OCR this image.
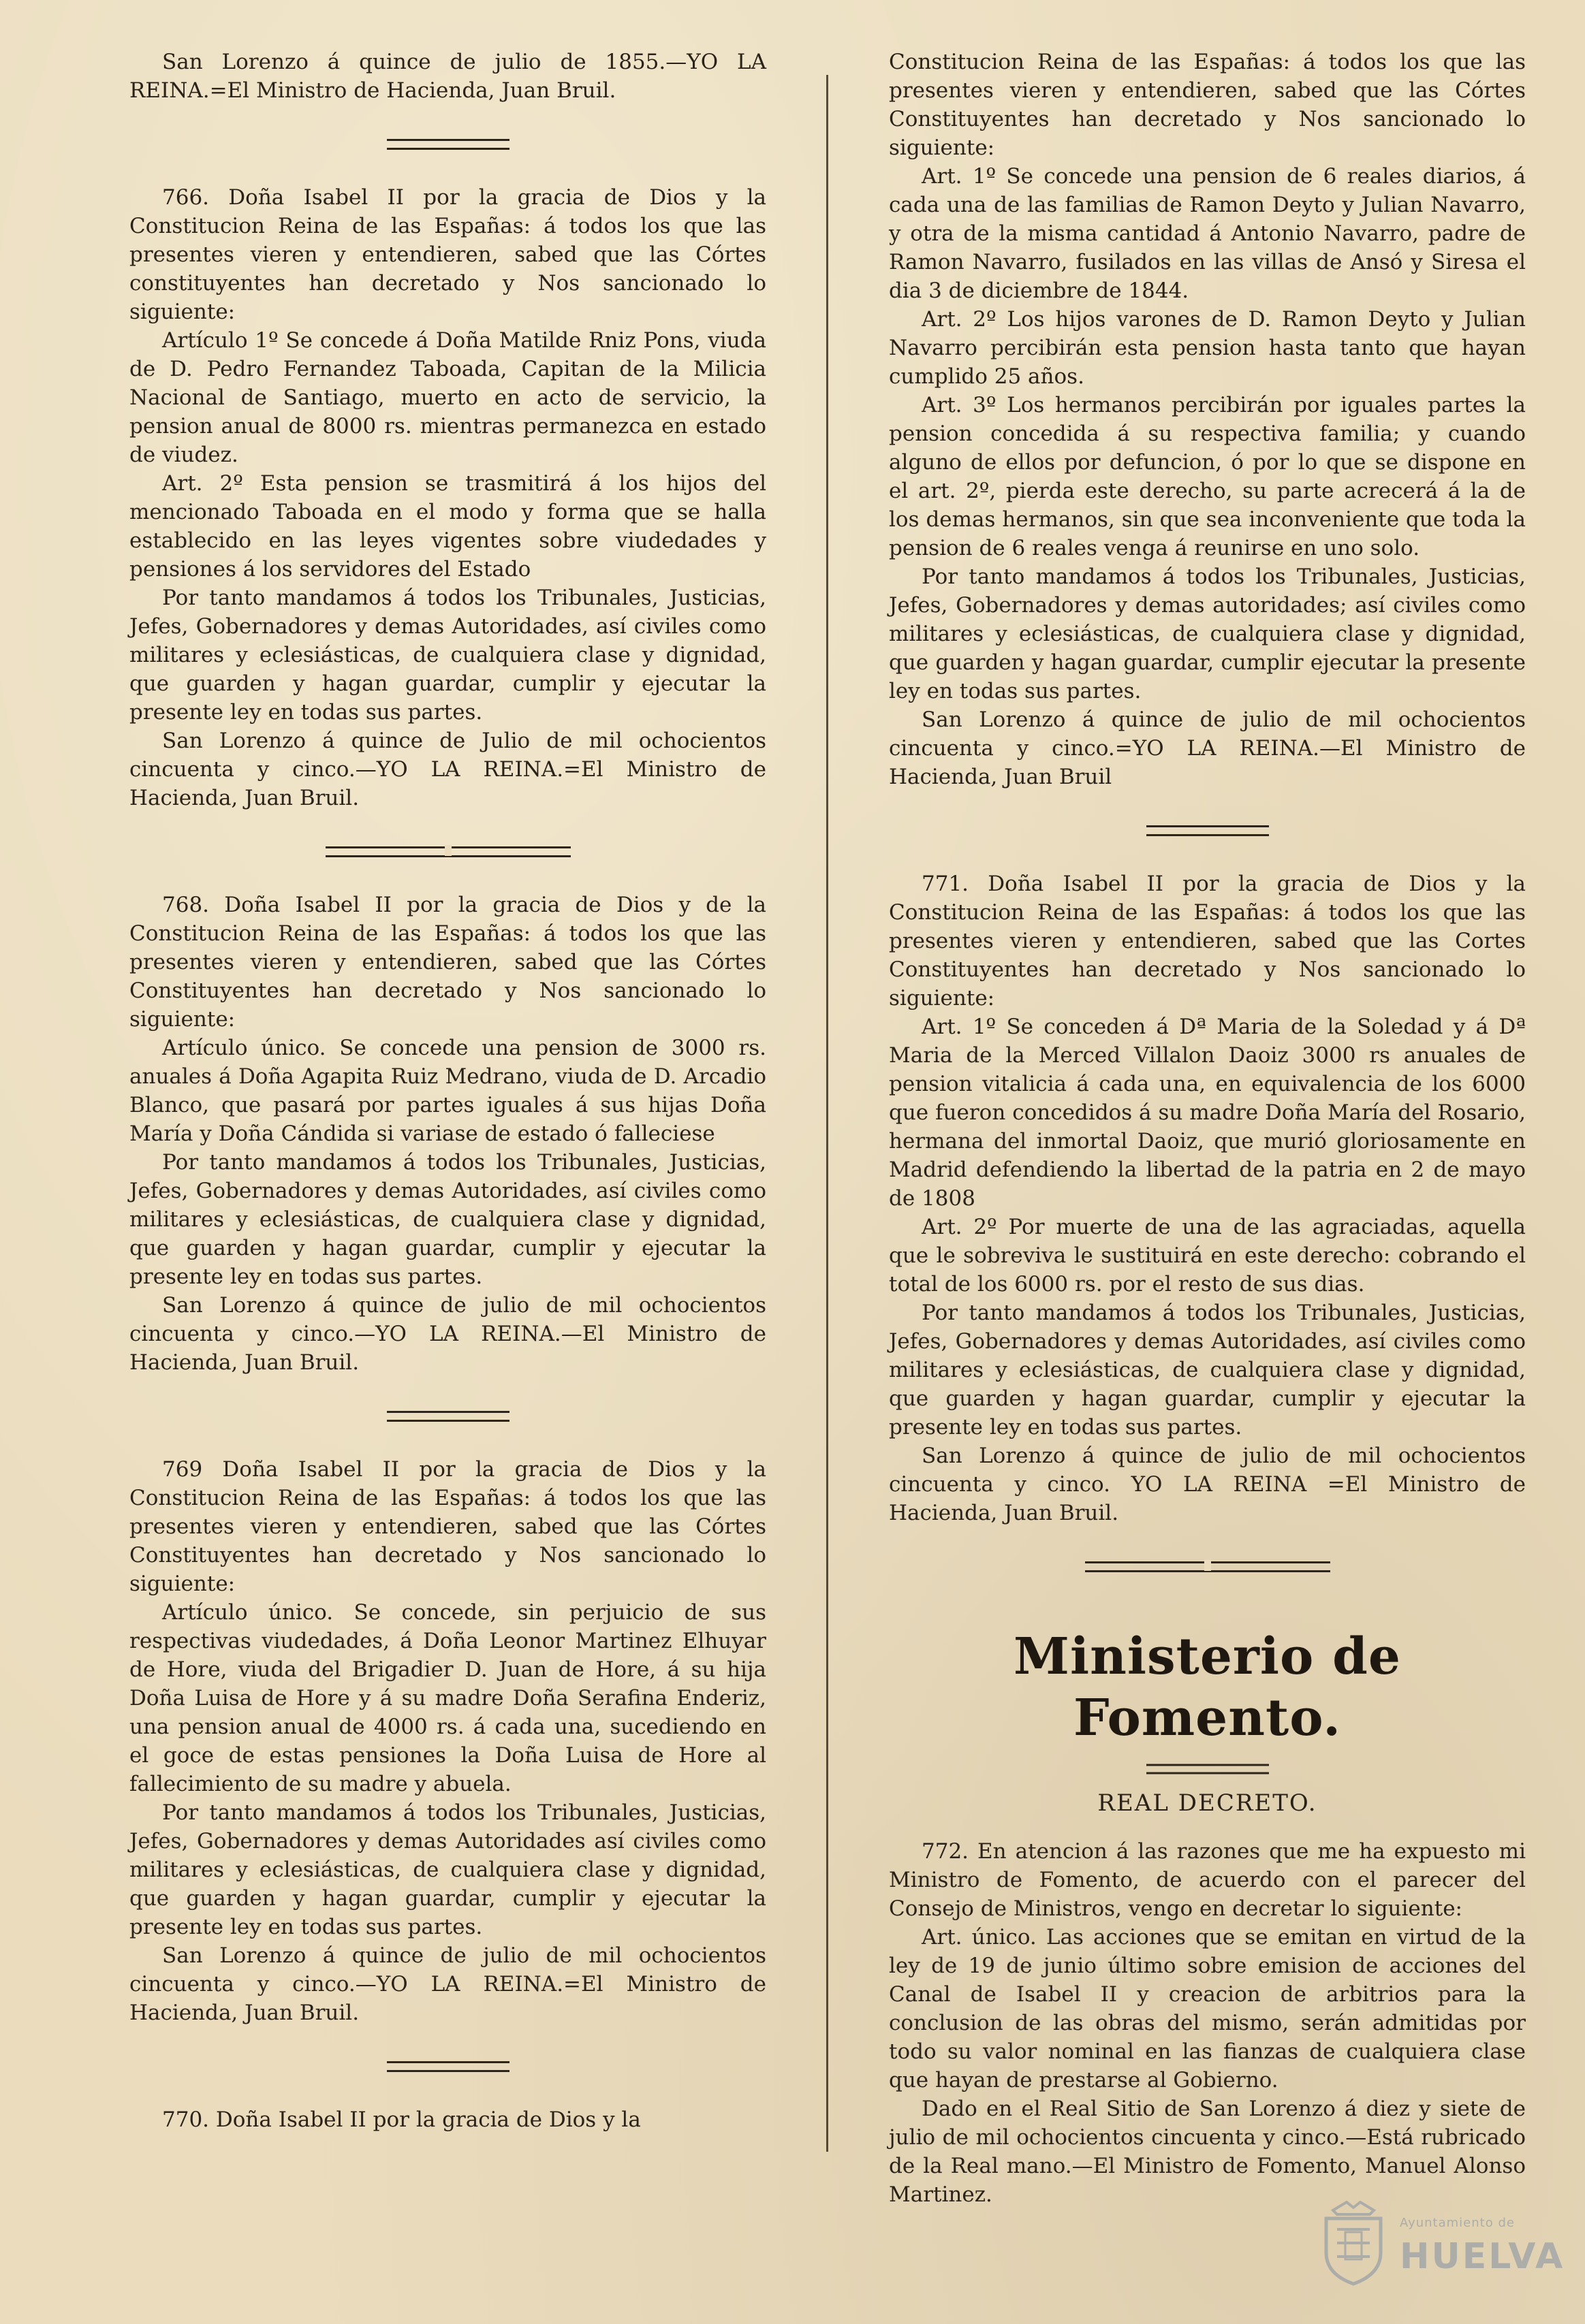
San Lorenzo á quince de julio de 1855.—YO LA REINA.=El Ministro de Hacienda, Juan Bruil.

766. Doña Isabel II por la gracia de Dios y la Constitucion Reina de las Españas: á todos los que las presentes vieren y entendieren, sabed que las Córtes constituyentes han decretado y Nos sancionado lo siguiente:

Artículo 1º Se concede á Doña Matilde Rniz Pons, viuda de D. Pedro Fernandez Taboada, Capitan de la Milicia Nacional de Santiago, muerto en acto de servicio, la pension anual de 8000 rs. mientras permanezca en estado de viudez.

Art. 2º Esta pension se trasmitirá á los hijos del mencionado Taboada en el modo y forma que se halla establecido en las leyes vigentes sobre viudedades y pensiones á los servidores del Estado

Por tanto mandamos á todos los Tribunales, Justicias, Jefes, Gobernadores y demas Autoridades, así civiles como militares y eclesiásticas, de cualquiera clase y dignidad, que guarden y hagan guardar, cumplir y ejecutar la presente ley en todas sus partes.

San Lorenzo á quince de Julio de mil ochocientos cincuenta y cinco.—YO LA REINA.=El Ministro de Hacienda, Juan Bruil.

768. Doña Isabel II por la gracia de Dios y de la Constitucion Reina de las Españas: á todos los que las presentes vieren y entendieren, sabed que las Córtes Constituyentes han decretado y Nos sancionado lo siguiente:

Artículo único. Se concede una pension de 3000 rs. anuales á Doña Agapita Ruiz Medrano, viuda de D. Arcadio Blanco, que pasará por partes iguales á sus hijas Doña María y Doña Cándida si variase de estado ó falleciese

Por tanto mandamos á todos los Tribunales, Justicias, Jefes, Gobernadores y demas Autoridades, así civiles como militares y eclesiásticas, de cualquiera clase y dignidad, que guarden y hagan guardar, cumplir y ejecutar la presente ley en todas sus partes.

San Lorenzo á quince de julio de mil ochocientos cincuenta y cinco.—YO LA REINA.—El Ministro de Hacienda, Juan Bruil.

769 Doña Isabel II por la gracia de Dios y la Constitucion Reina de las Españas: á todos los que las presentes vieren y entendieren, sabed que las Córtes Constituyentes han decretado y Nos sancionado lo siguiente:

Artículo único. Se concede, sin perjuicio de sus respectivas viudedades, á Doña Leonor Martinez Elhuyar de Hore, viuda del Brigadier D. Juan de Hore, á su hija Doña Luisa de Hore y á su madre Doña Serafina Enderiz, una pension anual de 4000 rs. á cada una, sucediendo en el goce de estas pensiones la Doña Luisa de Hore al fallecimiento de su madre y abuela.

Por tanto mandamos á todos los Tribunales, Justicias, Jefes, Gobernadores y demas Autoridades así civiles como militares y eclesiásticas, de cualquiera clase y dignidad, que guarden y hagan guardar, cumplir y ejecutar la presente ley en todas sus partes.

San Lorenzo á quince de julio de mil ochocientos cincuenta y cinco.—YO LA REINA.=El Ministro de Hacienda, Juan Bruil.

770. Doña Isabel II por la gracia de Dios y la

Constitucion Reina de las Españas: á todos los que las presentes vieren y entendieren, sabed que las Córtes Constituyentes han decretado y Nos sancionado lo siguiente:

Art. 1º Se concede una pension de 6 reales diarios, á cada una de las familias de Ramon Deyto y Julian Navarro, y otra de la misma cantidad á Antonio Navarro, padre de Ramon Navarro, fusilados en las villas de Ansó y Siresa el dia 3 de diciembre de 1844.

Art. 2º Los hijos varones de D. Ramon Deyto y Julian Navarro percibirán esta pension hasta tanto que hayan cumplido 25 años.

Art. 3º Los hermanos percibirán por iguales partes la pension concedida á su respectiva familia; y cuando alguno de ellos por defuncion, ó por lo que se dispone en el art. 2º, pierda este derecho, su parte acrecerá á la de los demas hermanos, sin que sea inconveniente que toda la pension de 6 reales venga á reunirse en uno solo.

Por tanto mandamos á todos los Tribunales, Justicias, Jefes, Gobernadores y demas autoridades; así civiles como militares y eclesiásticas, de cualquiera clase y dignidad, que guarden y hagan guardar, cumplir ejecutar la presente ley en todas sus partes.

San Lorenzo á quince de julio de mil ochocientos cincuenta y cinco.=YO LA REINA.—El Ministro de Hacienda, Juan Bruil

771. Doña Isabel II por la gracia de Dios y la Constitucion Reina de las Españas: á todos los que las presentes vieren y entendieren, sabed que las Cortes Constituyentes han decretado y Nos sancionado lo siguiente:

Art. 1º Se conceden á Dª Maria de la Soledad y á Dª Maria de la Merced Villalon Daoiz 3000 rs anuales de pension vitalicia á cada una, en equivalencia de los 6000 que fueron concedidos á su madre Doña María del Rosario, hermana del inmortal Daoiz, que murió gloriosamente en Madrid defendiendo la libertad de la patria en 2 de mayo de 1808

Art. 2º Por muerte de una de las agraciadas, aquella que le sobreviva le sustituirá en este derecho: cobrando el total de los 6000 rs. por el resto de sus dias.

Por tanto mandamos á todos los Tribunales, Justicias, Jefes, Gobernadores y demas Autoridades, así civiles como militares y eclesiásticas, de cualquiera clase y dignidad, que guarden y hagan guardar, cumplir y ejecutar la presente ley en todas sus partes.

San Lorenzo á quince de julio de mil ochocientos cincuenta y cinco. YO LA REINA =El Ministro de Hacienda, Juan Bruil.

Ministerio de Fomento.
REAL DECRETO.

772. En atencion á las razones que me ha expuesto mi Ministro de Fomento, de acuerdo con el parecer del Consejo de Ministros, vengo en decretar lo siguiente:

Art. único. Las acciones que se emitan en virtud de la ley de 19 de junio último sobre emision de acciones del Canal de Isabel II y creacion de arbitrios para la conclusion de las obras del mismo, serán admitidas por todo su valor nominal en las fianzas de cualquiera clase que hayan de prestarse al Gobierno.

Dado en el Real Sitio de San Lorenzo á diez y siete de julio de mil ochocientos cincuenta y cinco.—Está rubricado de la Real mano.—El Ministro de Fomento, Manuel Alonso Martinez.

Ayuntamiento de
HUELVA
